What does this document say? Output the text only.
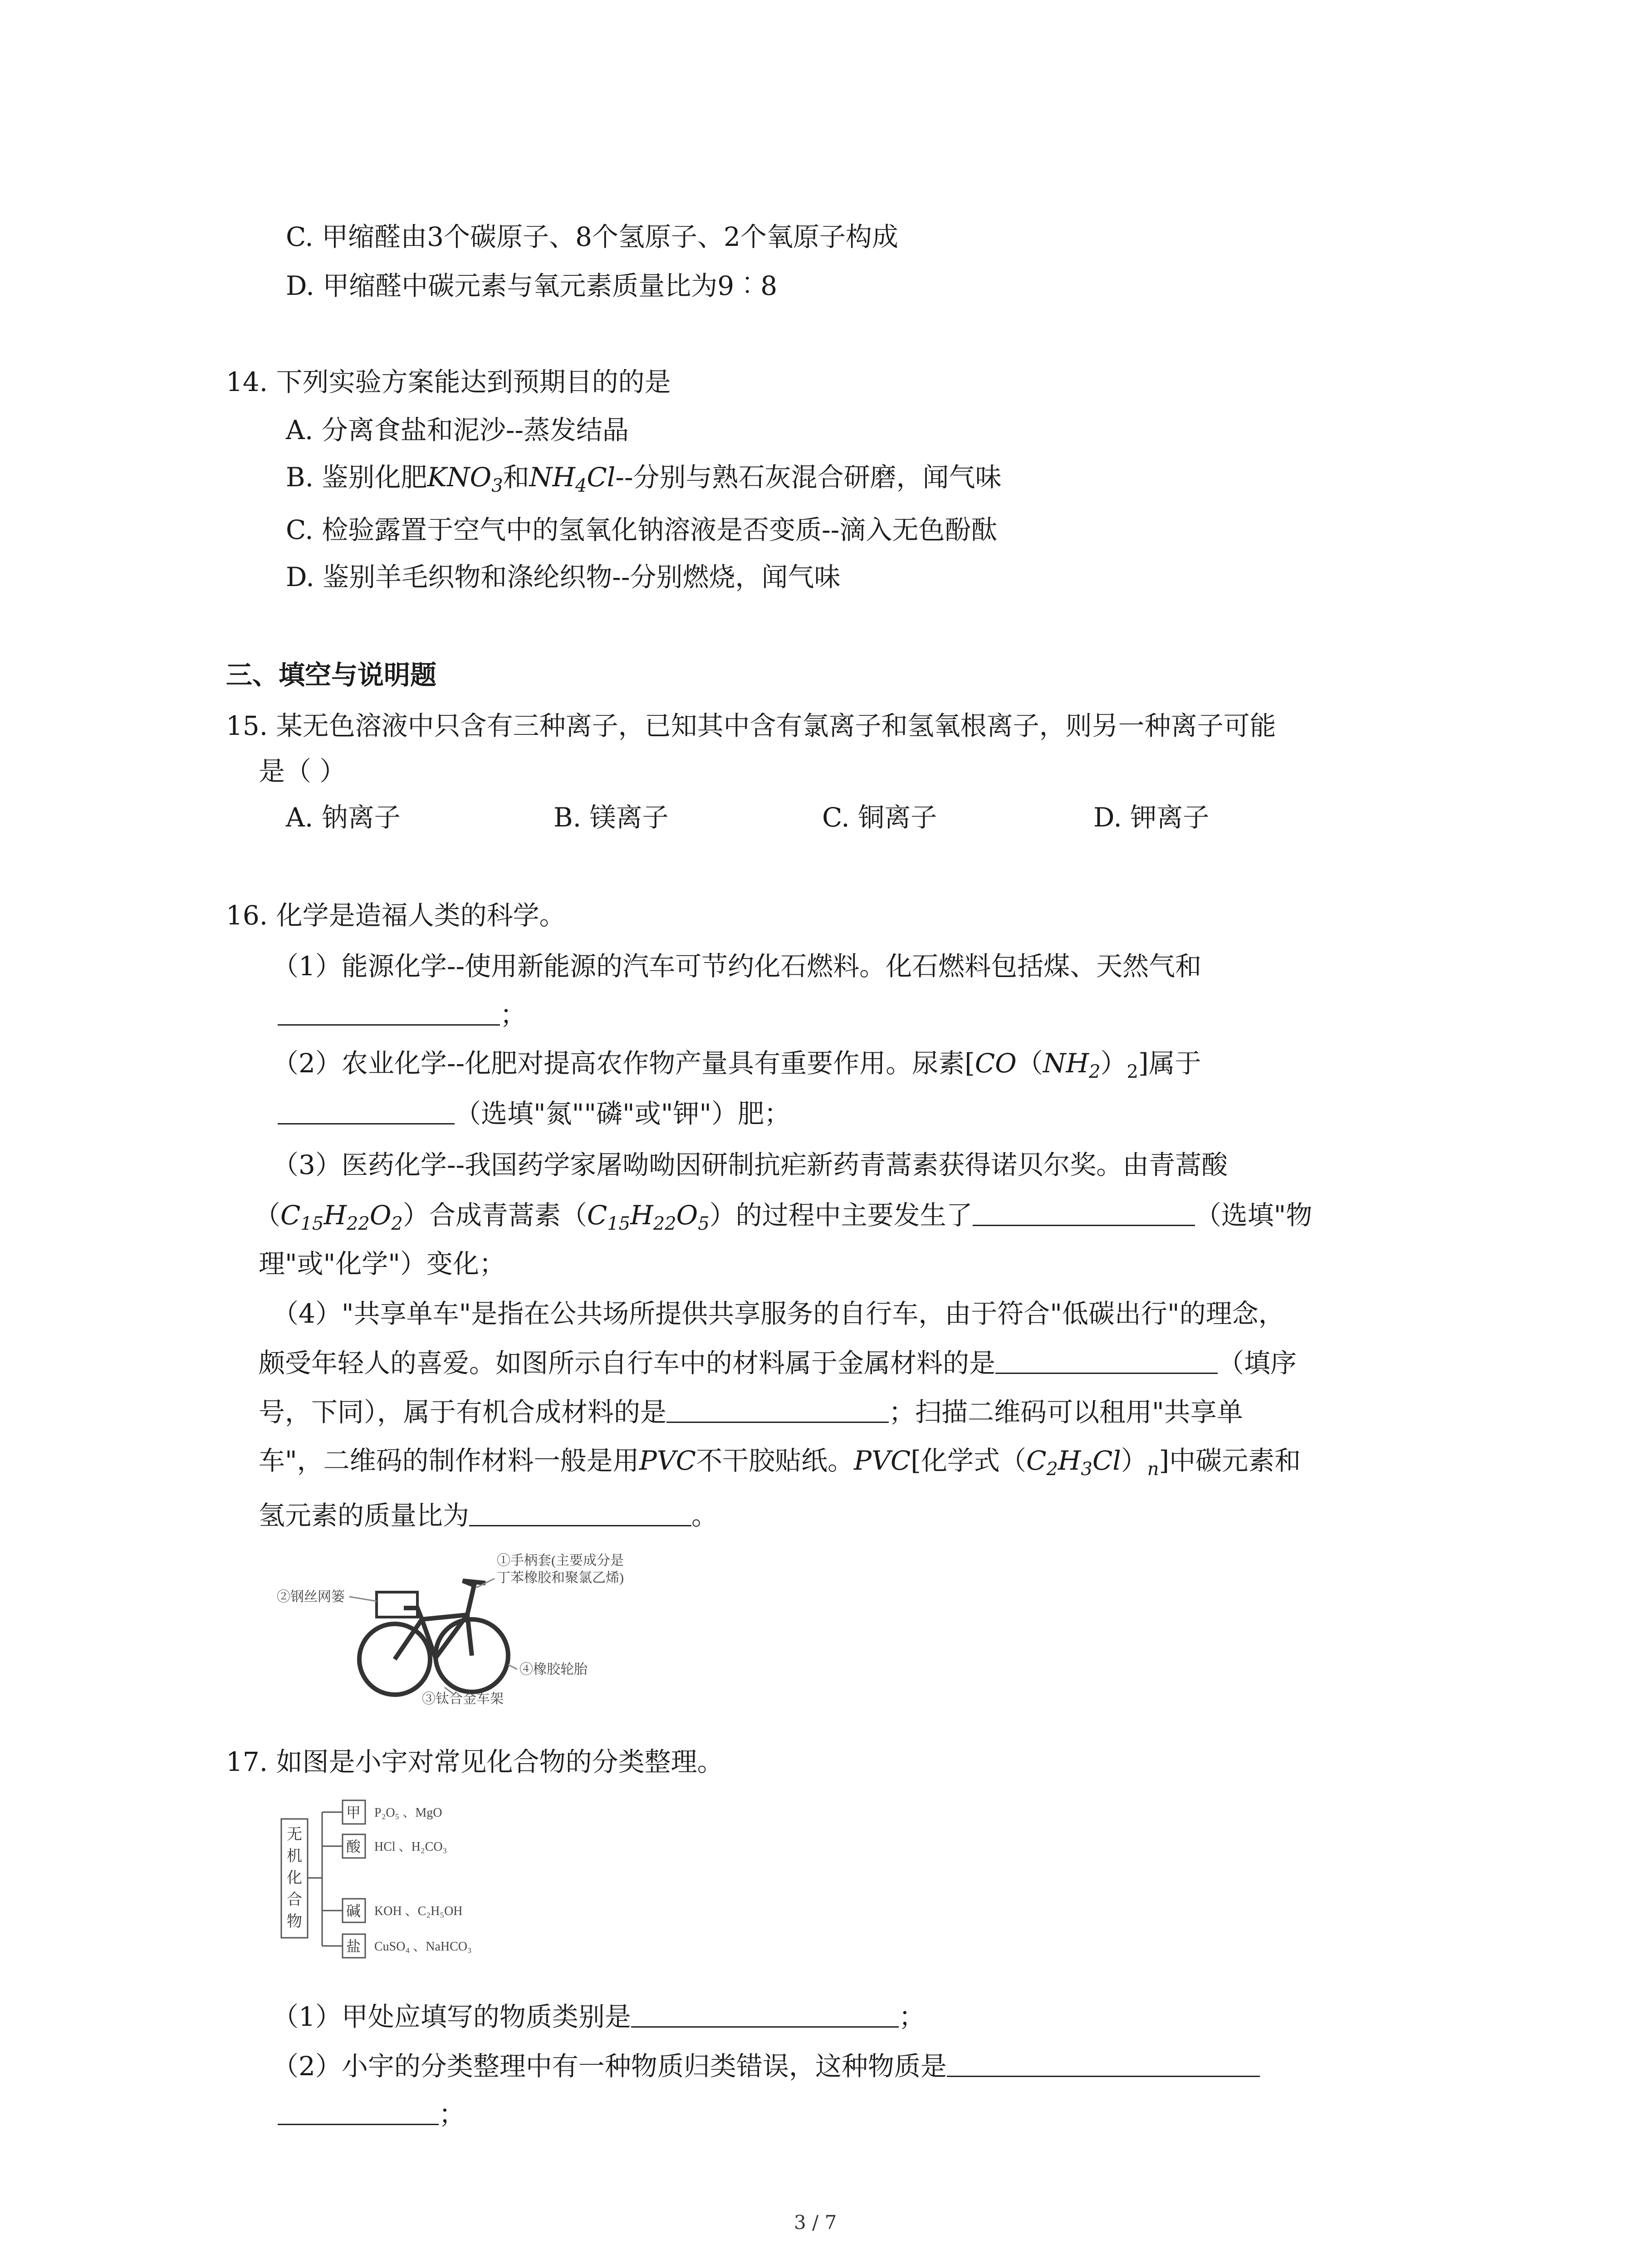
C. 甲缩醛由3个碳原子、8个氢原子、2个氧原子构成
D. 甲缩醛中碳元素与氧元素质量比为9︰8
14. 下列实验方案能达到预期目的的是
A. 分离食盐和泥沙--蒸发结晶
B. 鉴别化肥$KNO_3$和$NH_4Cl--$分别与熟石灰混合研磨，闻气味
C. 检验露置于空气中的氢氧化钠溶液是否变质--滴入无色酚酞
D. 鉴别羊毛织物和涤纶织物--分别燃烧，闻气味
三、填空与说明题
15. 某无色溶液中只含有三种离子，已知其中含有氯离子和氢氧根离子，则另一种离子可能
是（ ）
A. 钠离子	B. 镁离子	C. 铜离子	D. 钾离子
16. 化学是造福人类的科学。
（1）能源化学--使用新能源的汽车可节约化石燃料。化石燃料包括煤、天然气和
；
（2）农业化学--化肥对提高农作物产量具有重要作用。尿素$[CO(NH_2)_2]$属于
（选填"氮""磷"或"钾"）肥；
（3）医药化学--我国药学家屠呦呦因研制抗疟新药青蒿素获得诺贝尔奖。由青蒿酸
$(C_{15}H_{22}O_2)$合成青蒿素$(C_{15}H_{22}O_5)$的过程中主要发生了	（选填"物
理"或"化学"）变化；
（4）"共享单车"是指在公共场所提供共享服务的自行车，由于符合"低碳出行"的理念，
颇受年轻人的喜爱。如图所示自行车中的材料属于金属材料的是	（填序
号，下同），属于有机合成材料的是	；扫描二维码可以租用"共享单
车"，二维码的制作材料一般是用PVC不干胶贴纸。PVC[化学式$(C_2H_3Cl)_n$]中碳元素和
氢元素的质量比为	。
①手柄套(主要成分是
丁苯橡胶和聚氯乙烯)
②钢丝网篓
④橡胶轮胎
③钛合金车架
17. 如图是小宇对常见化合物的分类整理。
无
机
化
合
物
甲 P₂O₅ 、MgO
酸 HCl 、H₂CO₃
碱 KOH 、C₂H₅OH
盐 CuSO₄ 、NaHCO₃
（1）甲处应填写的物质类别是	；
（2）小宇的分类整理中有一种物质归类错误，这种物质是
；
3 / 7
